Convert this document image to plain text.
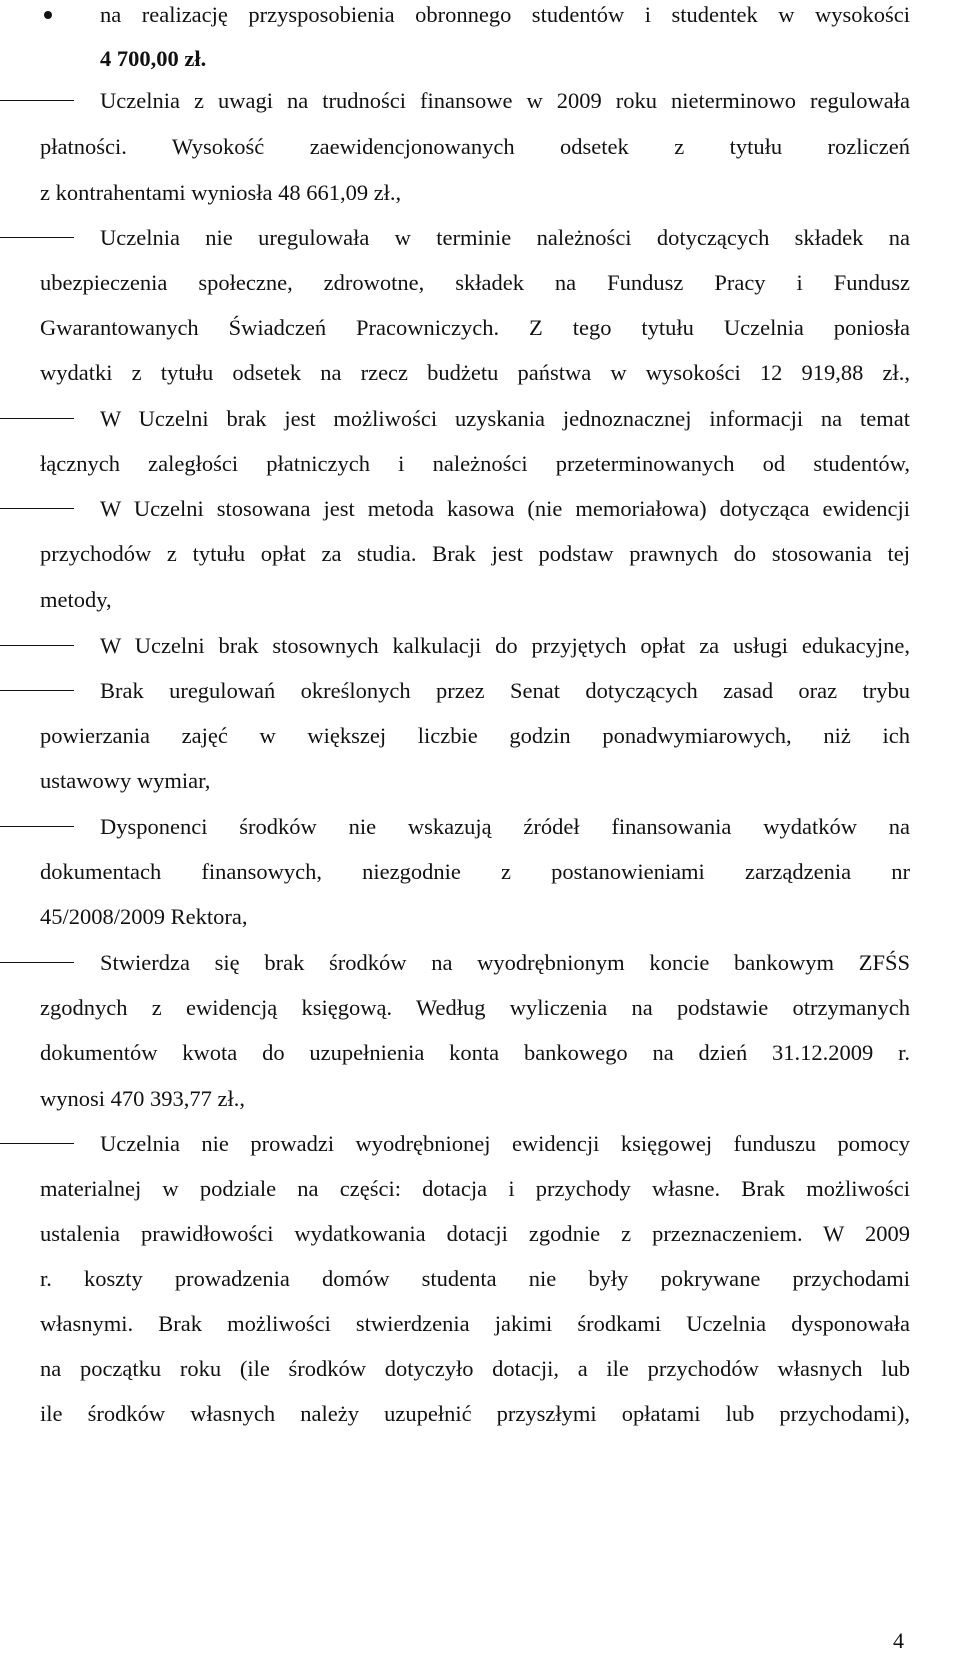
na realizację przysposobienia obronnego studentów i studentek w wysokości
4 700,00 zł.
Uczelnia z uwagi na trudności finansowe w 2009 roku nieterminowo regulowała
płatności. Wysokość zaewidencjonowanych odsetek z tytułu rozliczeń
z kontrahentami wyniosła 48 661,09 zł.,
Uczelnia nie uregulowała w terminie należności dotyczących składek na
ubezpieczenia społeczne, zdrowotne, składek na Fundusz Pracy i Fundusz
Gwarantowanych Świadczeń Pracowniczych. Z tego tytułu Uczelnia poniosła
wydatki z tytułu odsetek na rzecz budżetu państwa w wysokości 12 919,88 zł.,
W Uczelni brak jest możliwości uzyskania jednoznacznej informacji na temat
łącznych zaległości płatniczych i należności przeterminowanych od studentów,
W Uczelni stosowana jest metoda kasowa (nie memoriałowa) dotycząca ewidencji
przychodów z tytułu opłat za studia. Brak jest podstaw prawnych do stosowania tej
metody,
W Uczelni brak stosownych kalkulacji do przyjętych opłat za usługi edukacyjne,
Brak uregulowań określonych przez Senat dotyczących zasad oraz trybu
powierzania zajęć w większej liczbie godzin ponadwymiarowych, niż ich
ustawowy wymiar,
Dysponenci środków nie wskazują źródeł finansowania wydatków na
dokumentach finansowych, niezgodnie z postanowieniami zarządzenia nr
45/2008/2009 Rektora,
Stwierdza się brak środków na wyodrębnionym koncie bankowym ZFŚS
zgodnych z ewidencją księgową. Według wyliczenia na podstawie otrzymanych
dokumentów kwota do uzupełnienia konta bankowego na dzień 31.12.2009 r.
wynosi 470 393,77 zł.,
Uczelnia nie prowadzi wyodrębnionej ewidencji księgowej funduszu pomocy
materialnej w podziale na części: dotacja i przychody własne. Brak możliwości
ustalenia prawidłowości wydatkowania dotacji zgodnie z przeznaczeniem. W 2009
r. koszty prowadzenia domów studenta nie były pokrywane przychodami
własnymi. Brak możliwości stwierdzenia jakimi środkami Uczelnia dysponowała
na początku roku (ile środków dotyczyło dotacji, a ile przychodów własnych lub
ile środków własnych należy uzupełnić przyszłymi opłatami lub przychodami),
4
